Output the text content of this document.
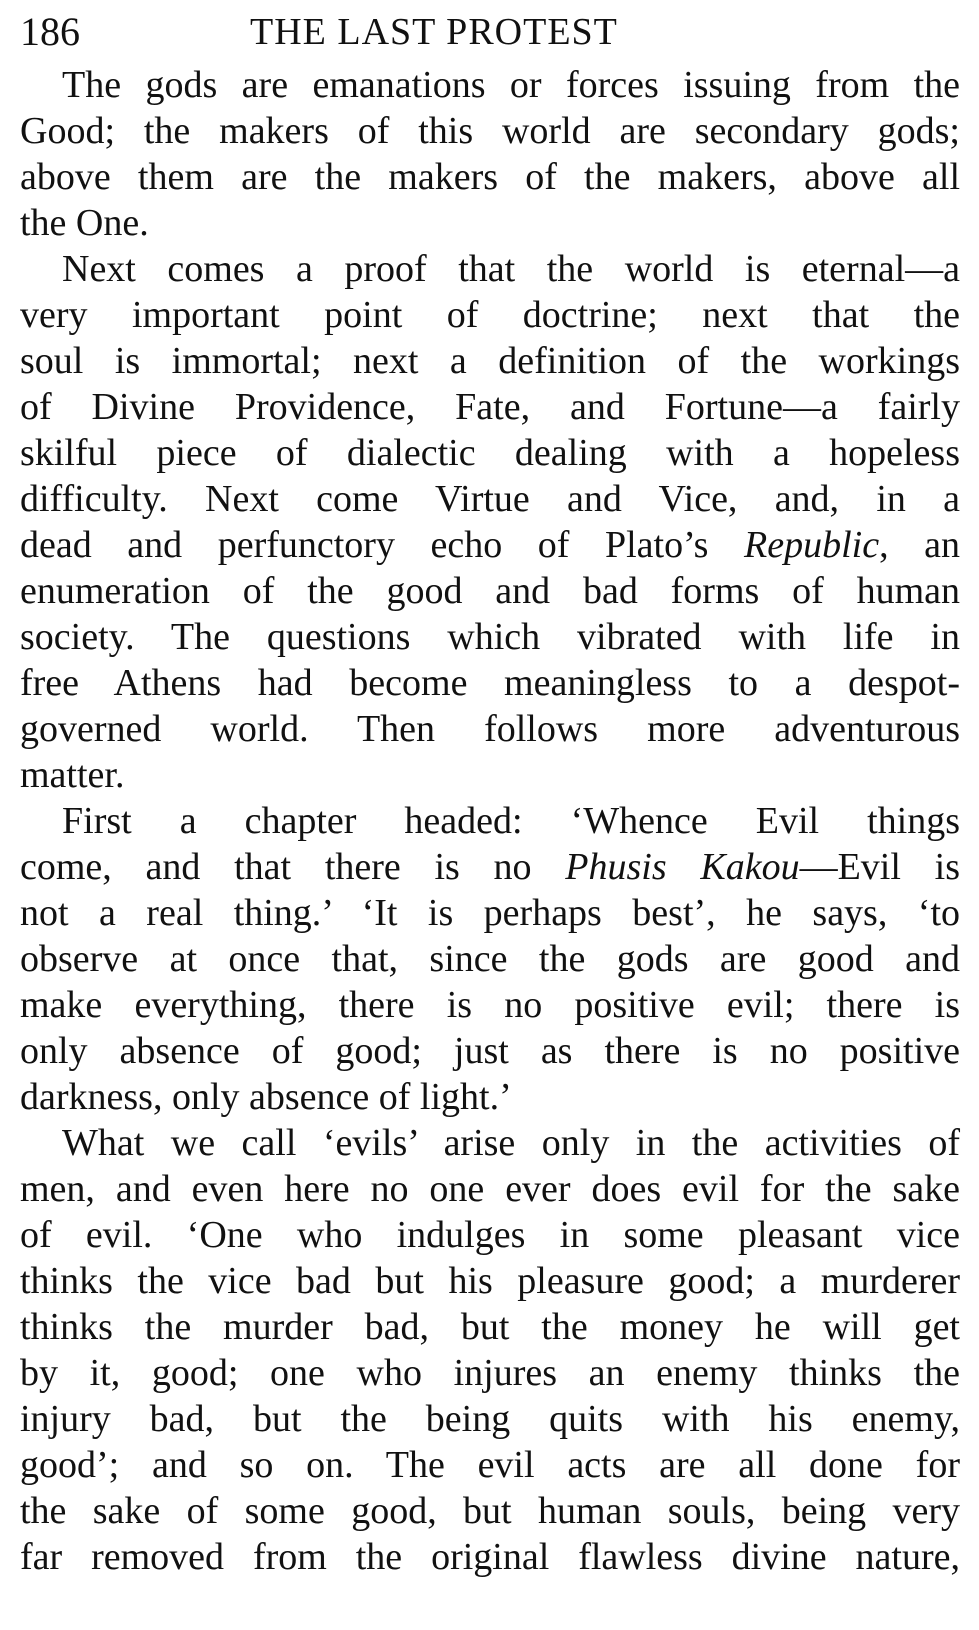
186	THE LAST PROTEST

The gods are emanations or forces issuing from the
Good; the makers of this world are secondary gods;
above them are the makers of the makers, above all
the One.

Next comes a proof that the world is eternal—a
very important point of doctrine; next that the
soul is immortal; next a definition of the workings
of Divine Providence, Fate, and Fortune—a fairly
skilful piece of dialectic dealing with a hopeless
difficulty. Next come Virtue and Vice, and, in a
dead and perfunctory echo of Plato’s Republic, an
enumeration of the good and bad forms of human
society. The questions which vibrated with life in
free Athens had become meaningless to a despot-
governed world. Then follows more adventurous
matter.

First a chapter headed: ‘Whence Evil things
come, and that there is no Phusis Kakou—Evil is
not a real thing.’ ‘It is perhaps best’, he says, ‘to
observe at once that, since the gods are good and
make everything, there is no positive evil; there is
only absence of good; just as there is no positive
darkness, only absence of light.’

What we call ‘evils’ arise only in the activities of
men, and even here no one ever does evil for the sake
of evil. ‘One who indulges in some pleasant vice
thinks the vice bad but his pleasure good; a murderer
thinks the murder bad, but the money he will get
by it, good; one who injures an enemy thinks the
injury bad, but the being quits with his enemy,
good’; and so on. The evil acts are all done for
the sake of some good, but human souls, being very
far removed from the original flawless divine nature,
